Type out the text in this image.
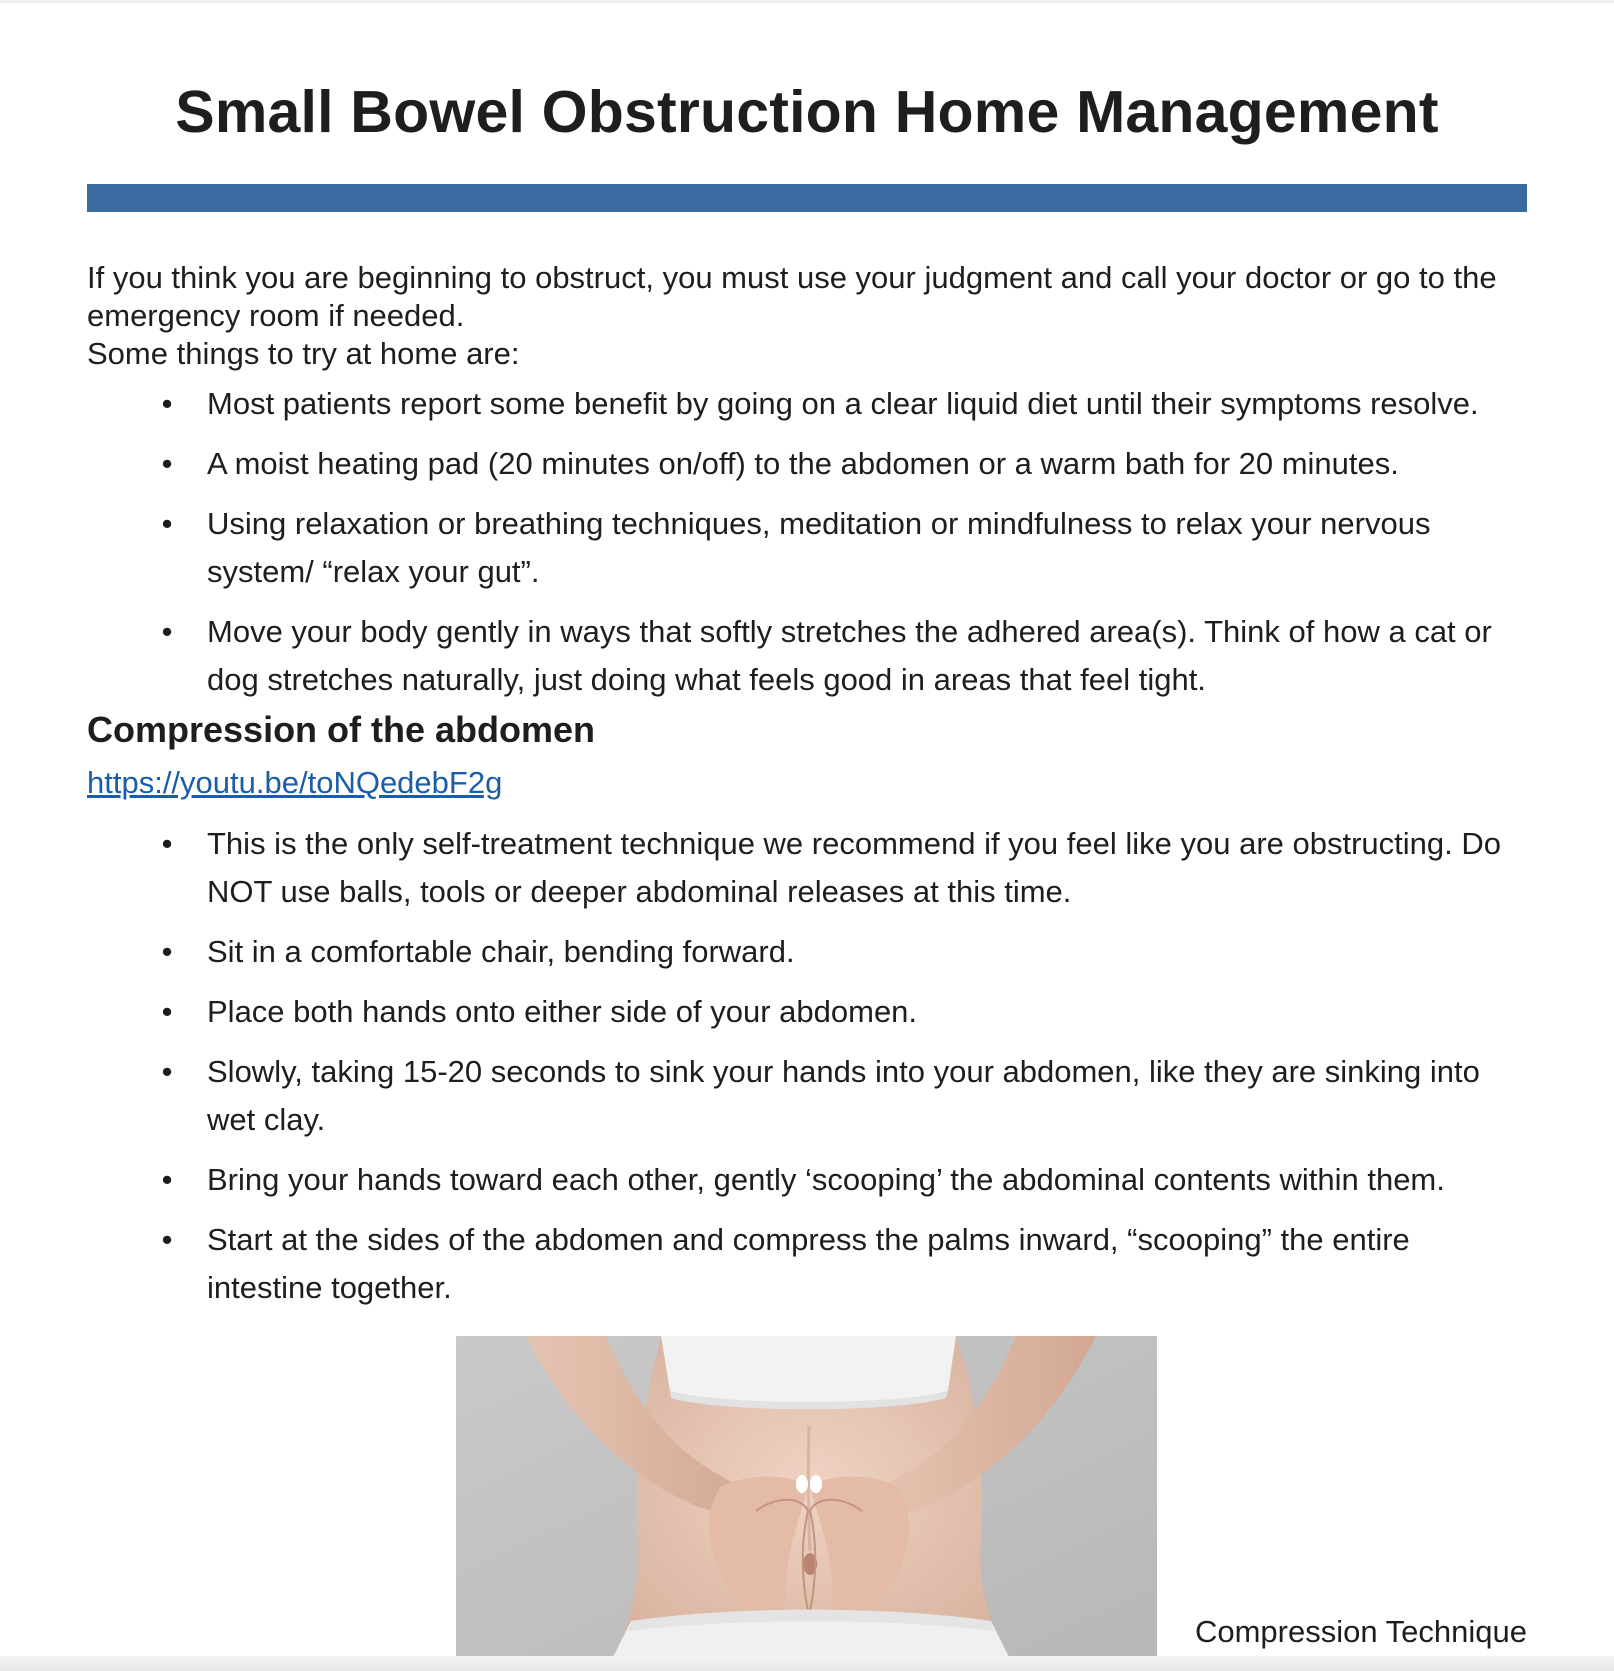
Small Bowel Obstruction Home Management

If you think you are beginning to obstruct, you must use your judgment and call your doctor or go to the emergency room if needed.

Some things to try at home are:

• Most patients report some benefit by going on a clear liquid diet until their symptoms resolve.
• A moist heating pad (20 minutes on/off) to the abdomen or a warm bath for 20 minutes.
• Using relaxation or breathing techniques, meditation or mindfulness to relax your nervous system/ “relax your gut”.
• Move your body gently in ways that softly stretches the adhered area(s). Think of how a cat or dog stretches naturally, just doing what feels good in areas that feel tight.
Compression of the abdomen
https://youtu.be/toNQedebF2g
• This is the only self-treatment technique we recommend if you feel like you are obstructing. Do NOT use balls, tools or deeper abdominal releases at this time.
• Sit in a comfortable chair, bending forward.
• Place both hands onto either side of your abdomen.
• Slowly, taking 15-20 seconds to sink your hands into your abdomen, like they are sinking into wet clay.
• Bring your hands toward each other, gently ‘scooping’ the abdominal contents within them.
• Start at the sides of the abdomen and compress the palms inward, “scooping” the entire intestine together.
Compression Technique
